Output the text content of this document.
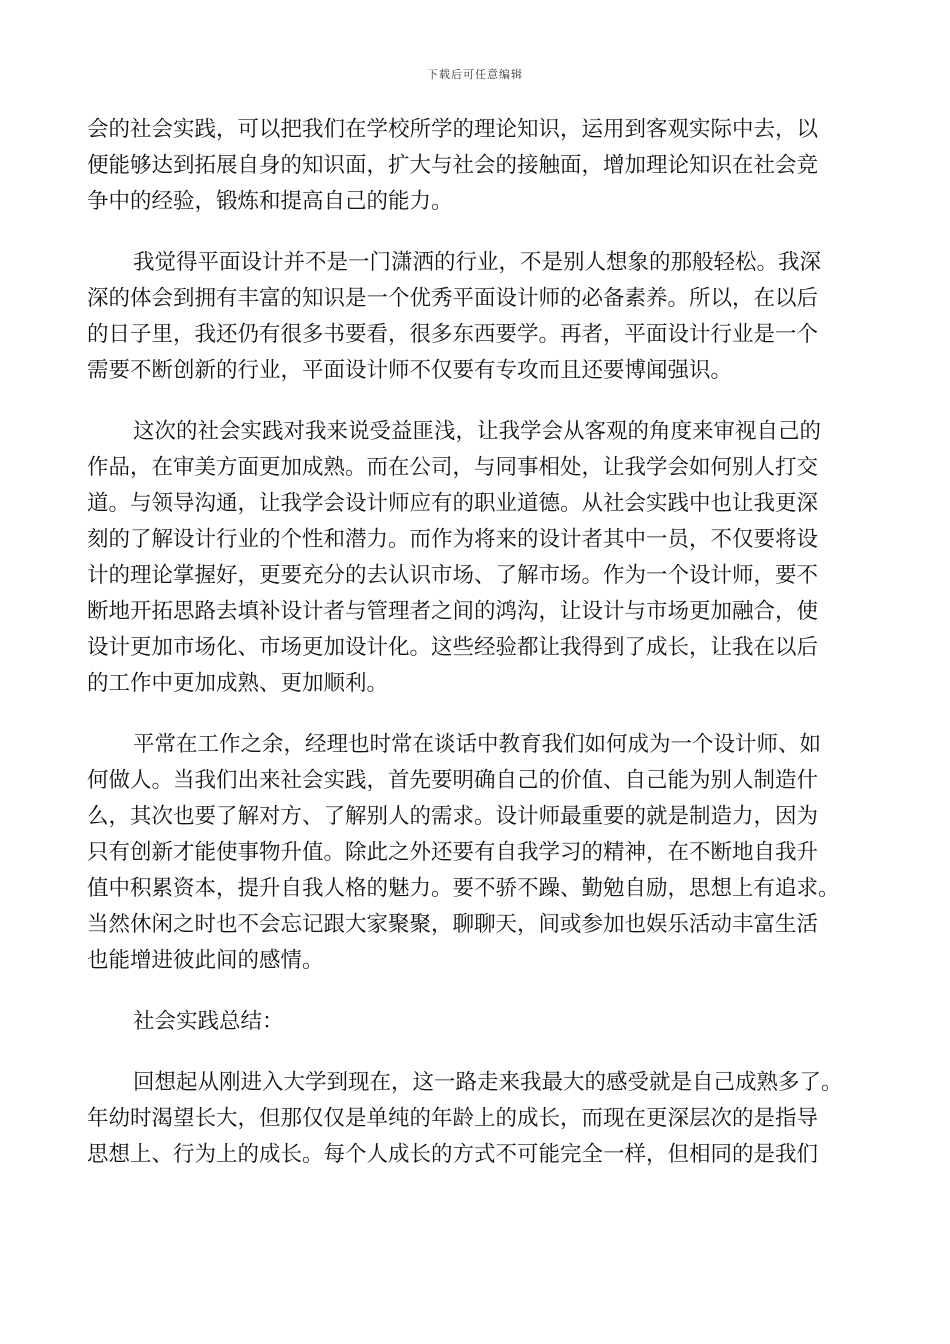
下载后可任意编辑

会的社会实践，可以把我们在学校所学的理论知识，运用到客观实际中去，以
便能够达到拓展自身的知识面，扩大与社会的接触面，增加理论知识在社会竞
争中的经验，锻炼和提高自己的能力。

我觉得平面设计并不是一门潇洒的行业，不是别人想象的那般轻松。我深
深的体会到拥有丰富的知识是一个优秀平面设计师的必备素养。所以，在以后
的日子里，我还仍有很多书要看，很多东西要学。再者，平面设计行业是一个
需要不断创新的行业，平面设计师不仅要有专攻而且还要博闻强识。

这次的社会实践对我来说受益匪浅，让我学会从客观的角度来审视自己的
作品，在审美方面更加成熟。而在公司，与同事相处，让我学会如何别人打交
道。与领导沟通，让我学会设计师应有的职业道德。从社会实践中也让我更深
刻的了解设计行业的个性和潜力。而作为将来的设计者其中一员，不仅要将设
计的理论掌握好，更要充分的去认识市场、了解市场。作为一个设计师，要不
断地开拓思路去填补设计者与管理者之间的鸿沟，让设计与市场更加融合，使
设计更加市场化、市场更加设计化。这些经验都让我得到了成长，让我在以后
的工作中更加成熟、更加顺利。

平常在工作之余，经理也时常在谈话中教育我们如何成为一个设计师、如
何做人。当我们出来社会实践，首先要明确自己的价值、自己能为别人制造什
么，其次也要了解对方、了解别人的需求。设计师最重要的就是制造力，因为
只有创新才能使事物升值。除此之外还要有自我学习的精神，在不断地自我升
值中积累资本，提升自我人格的魅力。要不骄不躁、勤勉自励，思想上有追求。
当然休闲之时也不会忘记跟大家聚聚，聊聊天，间或参加也娱乐活动丰富生活
也能增进彼此间的感情。

社会实践总结：

回想起从刚进入大学到现在，这一路走来我最大的感受就是自己成熟多了。
年幼时渴望长大，但那仅仅是单纯的年龄上的成长，而现在更深层次的是指导
思想上、行为上的成长。每个人成长的方式不可能完全一样，但相同的是我们
